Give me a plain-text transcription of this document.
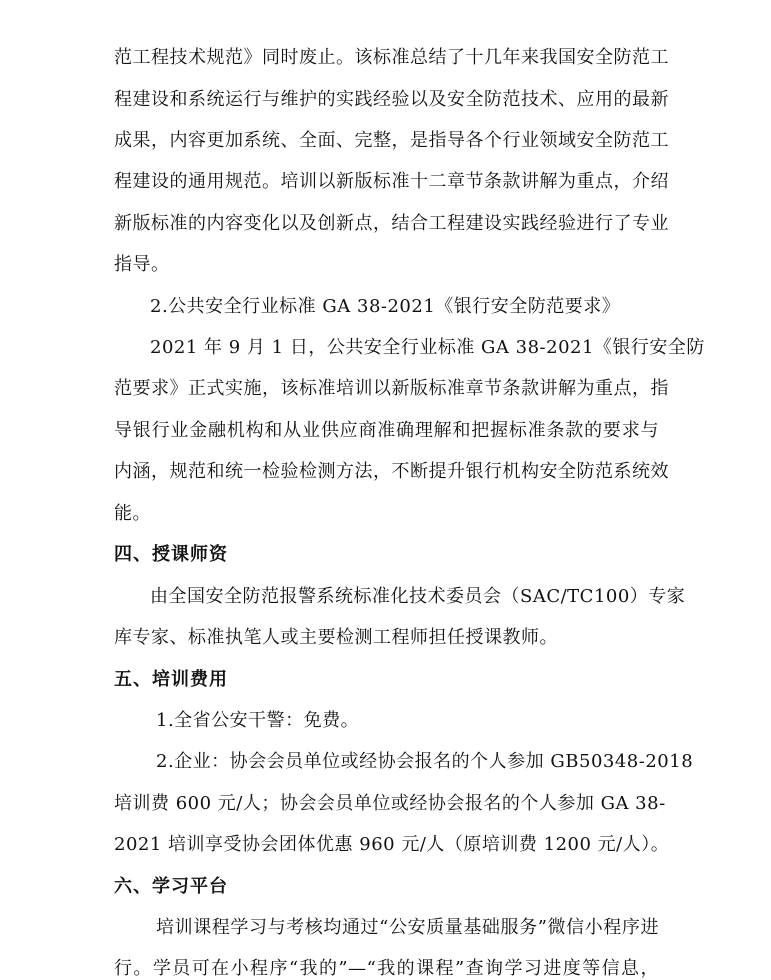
范工程技术规范》同时废止。该标准总结了十几年来我国安全防范工
程建设和系统运行与维护的实践经验以及安全防范技术、应用的最新
成果，内容更加系统、全面、完整，是指导各个行业领域安全防范工
程建设的通用规范。培训以新版标准十二章节条款讲解为重点，介绍
新版标准的内容变化以及创新点，结合工程建设实践经验进行了专业
指导。
2.公共安全行业标准 GA 38-2021《银行安全防范要求》
2021 年 9 月 1 日，公共安全行业标准 GA 38-2021《银行安全防
范要求》正式实施，该标准培训以新版标准章节条款讲解为重点，指
导银行业金融机构和从业供应商准确理解和把握标准条款的要求与
内涵，规范和统一检验检测方法，不断提升银行机构安全防范系统效
能。
四、授课师资
由全国安全防范报警系统标准化技术委员会（SAC/TC100）专家
库专家、标准执笔人或主要检测工程师担任授课教师。
五、培训费用
1.全省公安干警：免费。
2.企业：协会会员单位或经协会报名的个人参加 GB50348-2018
培训费 600 元/人；协会会员单位或经协会报名的个人参加 GA 38-
2021 培训享受协会团体优惠 960 元/人（原培训费 1200 元/人）。
六、学习平台
培训课程学习与考核均通过“公安质量基础服务”微信小程序进
行。学员可在小程序“我的”—“我的课程”查询学习进度等信息，
